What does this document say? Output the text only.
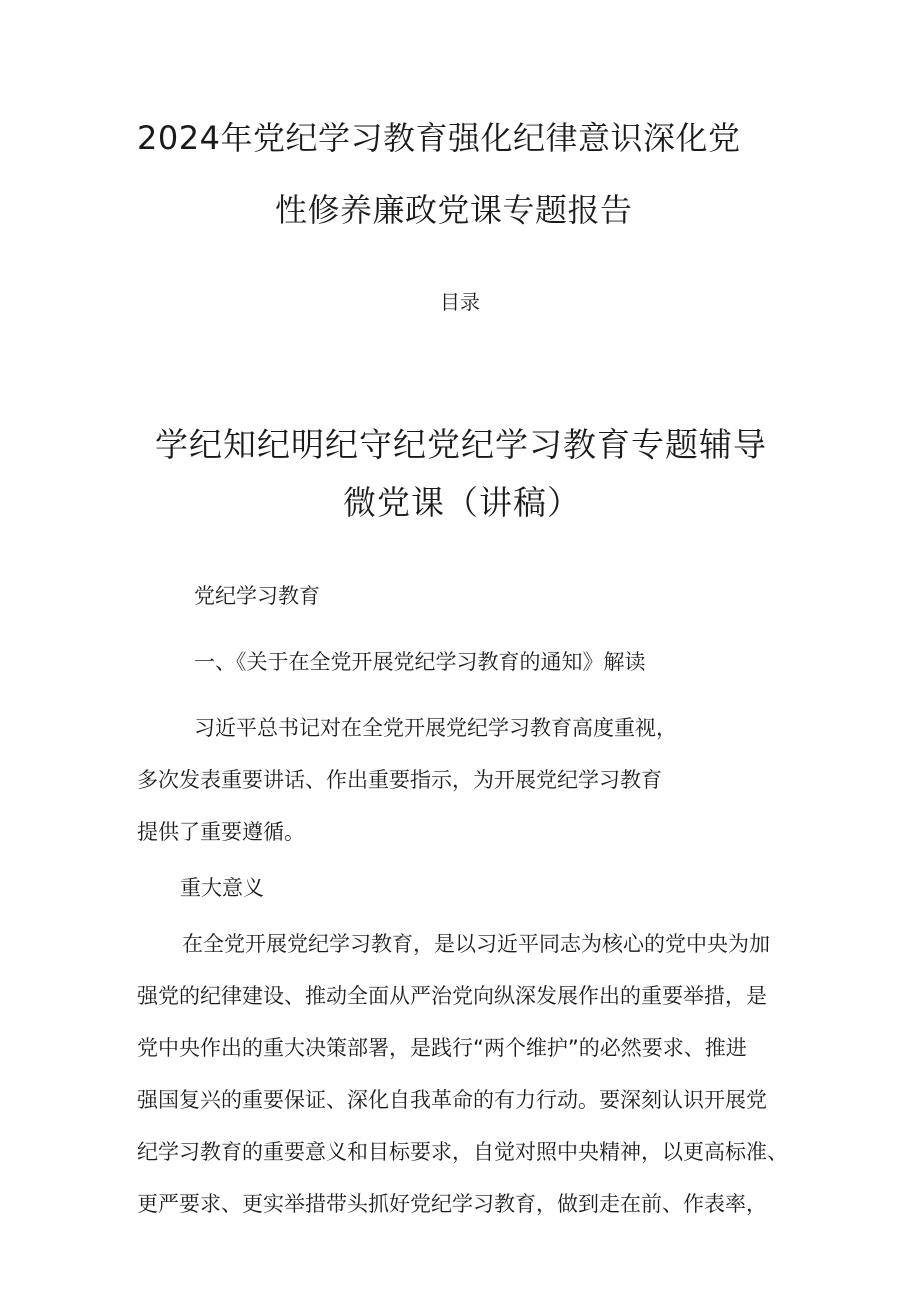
2024年党纪学习教育强化纪律意识深化党
性修养廉政党课专题报告
目录
学纪知纪明纪守纪党纪学习教育专题辅导
微党课（讲稿）
党纪学习教育
一、《关于在全党开展党纪学习教育的通知》解读
习近平总书记对在全党开展党纪学习教育高度重视，
多次发表重要讲话、作出重要指示，为开展党纪学习教育
提供了重要遵循。
重大意义
在全党开展党纪学习教育，是以习近平同志为核心的党中央为加
强党的纪律建设、推动全面从严治党向纵深发展作出的重要举措，是
党中央作出的重大决策部署，是践行“两个维护”的必然要求、推进
强国复兴的重要保证、深化自我革命的有力行动。要深刻认识开展党
纪学习教育的重要意义和目标要求，自觉对照中央精神，以更高标准、
更严要求、更实举措带头抓好党纪学习教育，做到走在前、作表率，
